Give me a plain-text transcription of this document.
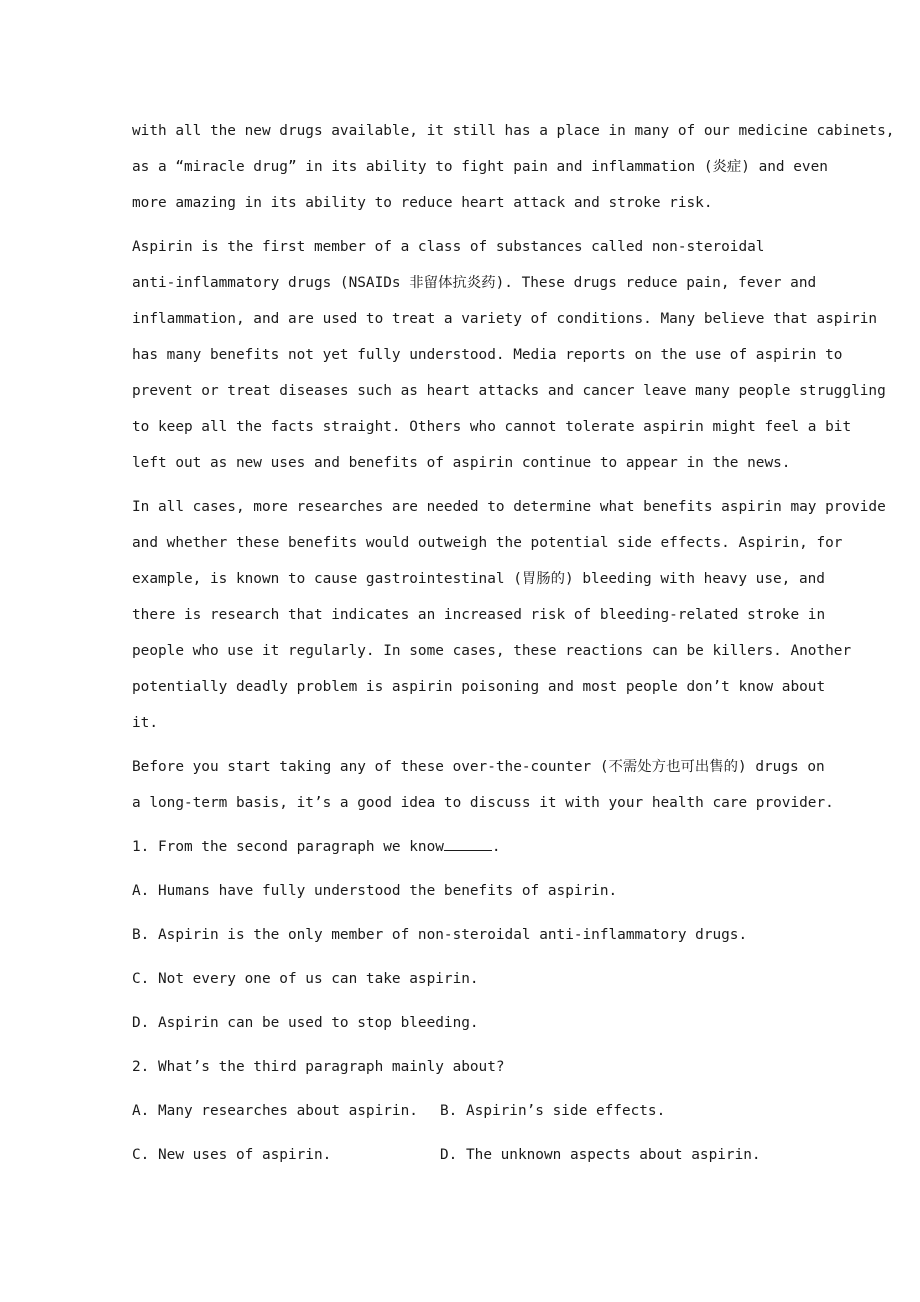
with all the new drugs available, it still has a place in many of our medicine cabinets,
as a “miracle drug” in its ability to fight pain and inflammation (炎症) and even
more amazing in its ability to reduce heart attack and stroke risk.
Aspirin is the first member of a class of substances called non-steroidal
anti-inflammatory drugs (NSAIDs 非留体抗炎药). These drugs reduce pain, fever and
inflammation, and are used to treat a variety of conditions. Many believe that aspirin
has many benefits not yet fully understood. Media reports on the use of aspirin to
prevent or treat diseases such as heart attacks and cancer leave many people struggling
to keep all the facts straight. Others who cannot tolerate aspirin might feel a bit
left out as new uses and benefits of aspirin continue to appear in the news.
In all cases, more researches are needed to determine what benefits aspirin may provide
and whether these benefits would outweigh the potential side effects. Aspirin, for
example, is known to cause gastrointestinal (胃肠的) bleeding with heavy use, and
there is research that indicates an increased risk of bleeding-related stroke in
people who use it regularly. In some cases, these reactions can be killers. Another
potentially deadly problem is aspirin poisoning and most people don’t know about
it.
Before you start taking any of these over-the-counter (不需处方也可出售的) drugs on
a long-term basis, it’s a good idea to discuss it with your health care provider.
1. From the second paragraph we know	.
A. Humans have fully understood the benefits of aspirin.
B. Aspirin is the only member of non-steroidal anti-inflammatory drugs.
C. Not every one of us can take aspirin.
D. Aspirin can be used to stop bleeding.
2. What’s the third paragraph mainly about?
A. Many researches about aspirin.	B. Aspirin’s side effects.
C. New uses of aspirin.	D. The unknown aspects about aspirin.
